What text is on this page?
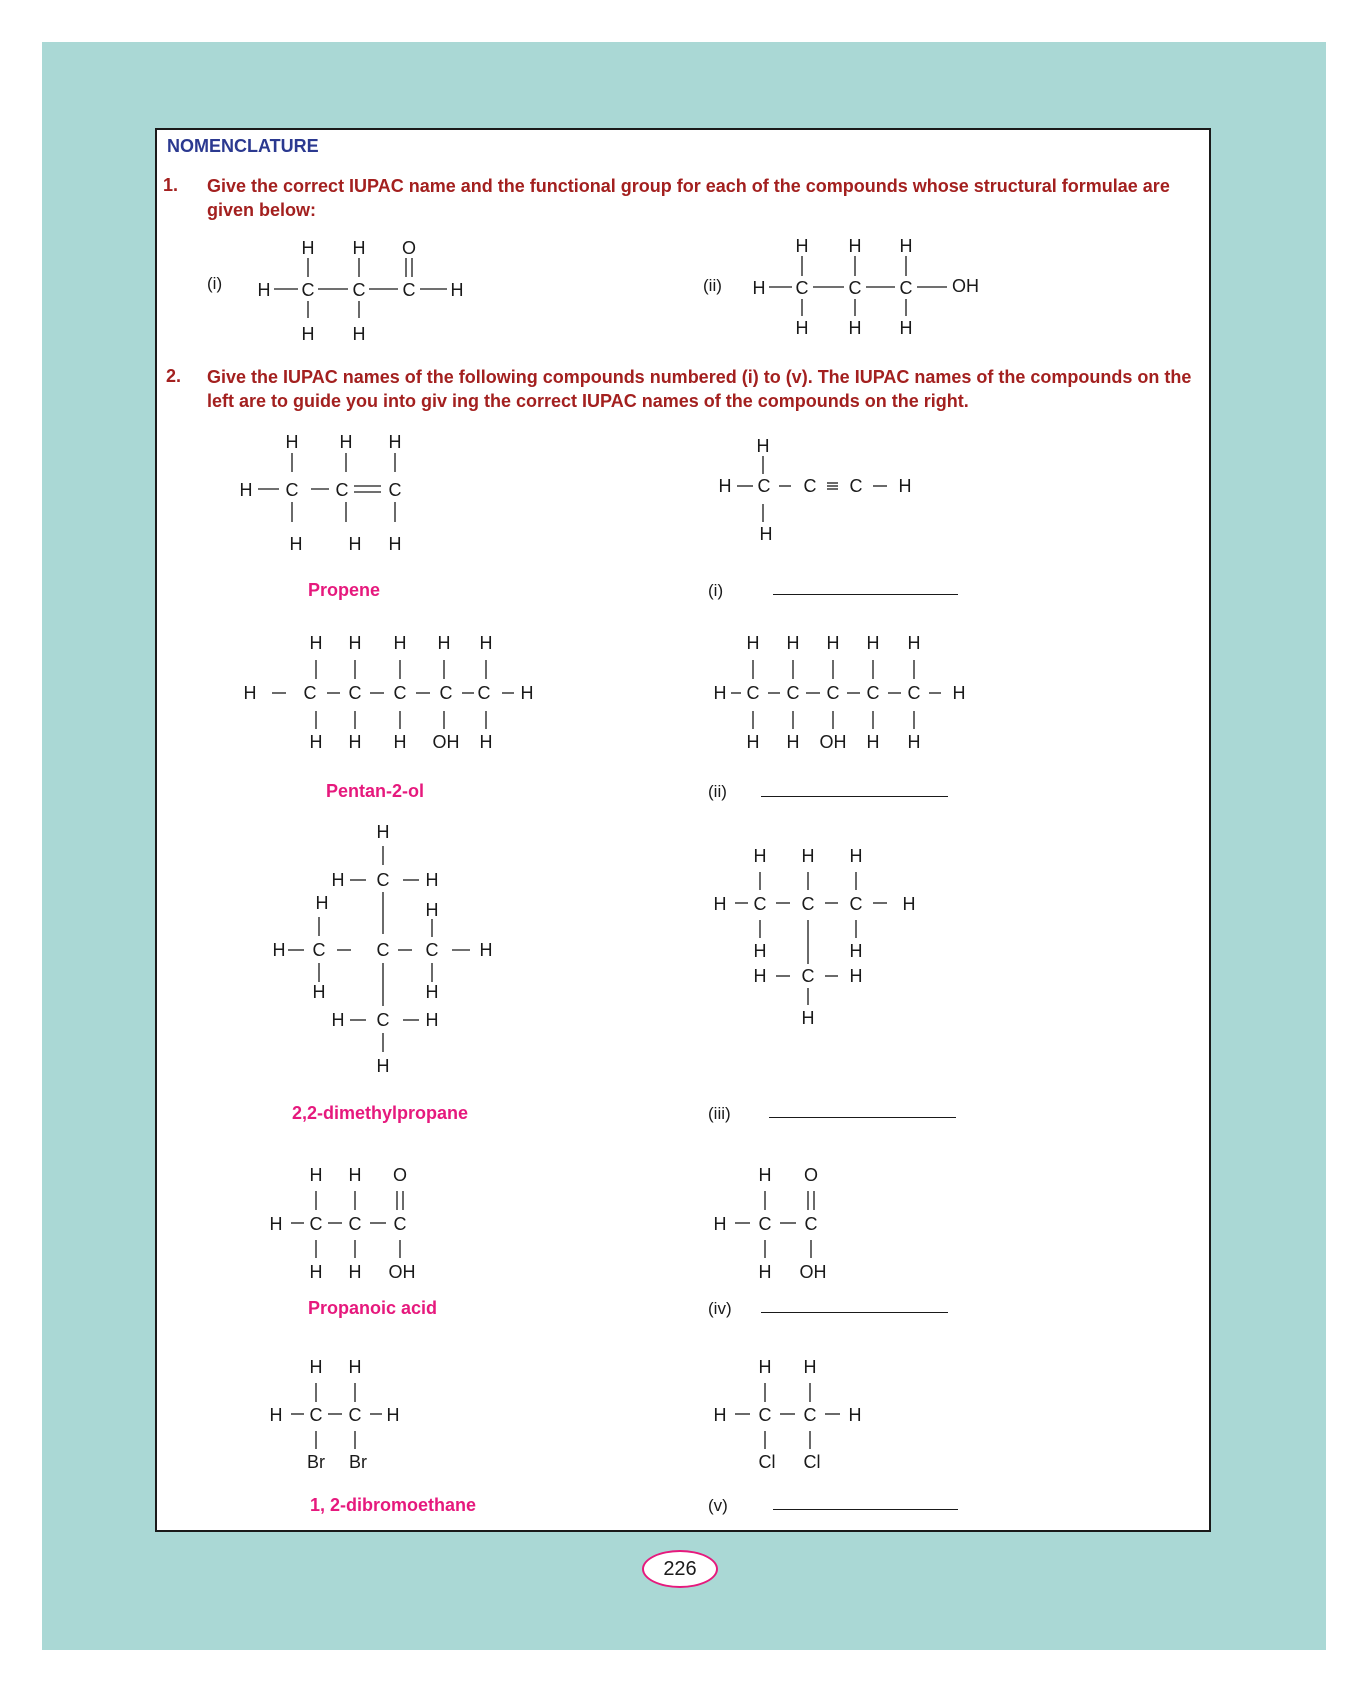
NOMENCLATURE
1. Give the correct IUPAC name and the functional group for each of the compounds whose structural formulae are given below:
(i)	(ii)
2. Give the IUPAC names of the following compounds numbered (i) to (v). The IUPAC names of the compounds on the left are to guide you into giv ing the correct IUPAC names of the compounds on the right.
Propene	(i)
Pentan-2-ol	(ii)
2,2-dimethylpropane	(iii)
Propanoic acid	(iv)
1, 2-dibromoethane	(v)
H H O
H C C C H
H H
H H H
H C C C OH
H H H
H H H
H C C C
H	H H
H
H C C C H
H
H H H H H
H	C C C C C H
H H H OH H
H H H H H
H C C C C C H
H H OH H H
H
H C H
H	H
H C	C C H
H	H
H C H
H
H H H
H C C C H
H	H
H C H
H
H H O
H C C C
H H OH
H O
H C C
H OH
H H
H C C H
Br Br
H H
H C C H
Cl Cl
226
